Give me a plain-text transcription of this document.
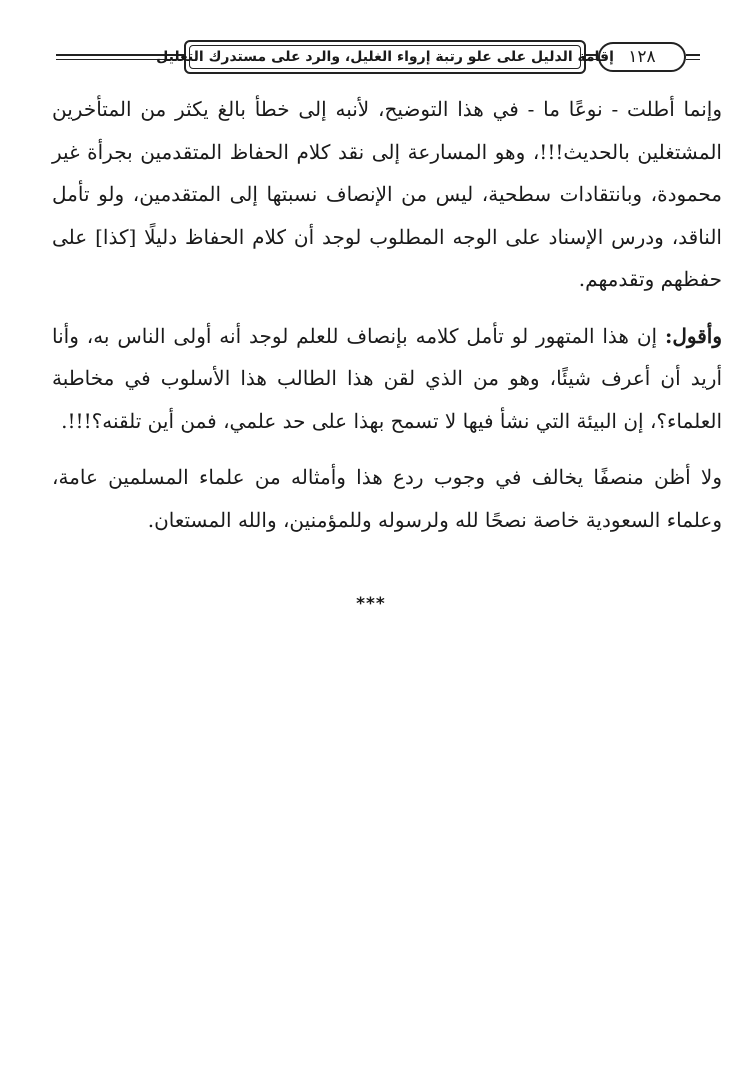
إقامة الدليل على علو رتبة إرواء الغليل، والرد على مستدرك التعليل ١٢٨

وإنما أطلت - نوعًا ما - في هذا التوضيح، لأنبه إلى خطأ بالغ يكثر من المتأخرين المشتغلين بالحديث!!!، وهو المسارعة إلى نقد كلام الحفاظ المتقدمين بجرأة غير محمودة، وبانتقادات سطحية، ليس من الإنصاف نسبتها إلى المتقدمين، ولو تأمل الناقد، ودرس الإسناد على الوجه المطلوب لوجد أن كلام الحفاظ دليلًا [كذا] على حفظهم وتقدمهم.

وأقول: إن هذا المتهور لو تأمل كلامه بإنصاف للعلم لوجد أنه أولى الناس به، وأنا أريد أن أعرف شيئًا، وهو من الذي لقن هذا الطالب هذا الأسلوب في مخاطبة العلماء؟، إن البيئة التي نشأ فيها لا تسمح بهذا على حد علمي، فمن أين تلقنه؟!!!.

ولا أظن منصفًا يخالف في وجوب ردع هذا وأمثاله من علماء المسلمين عامة، وعلماء السعودية خاصة نصحًا لله ولرسوله وللمؤمنين، والله المستعان.

***
